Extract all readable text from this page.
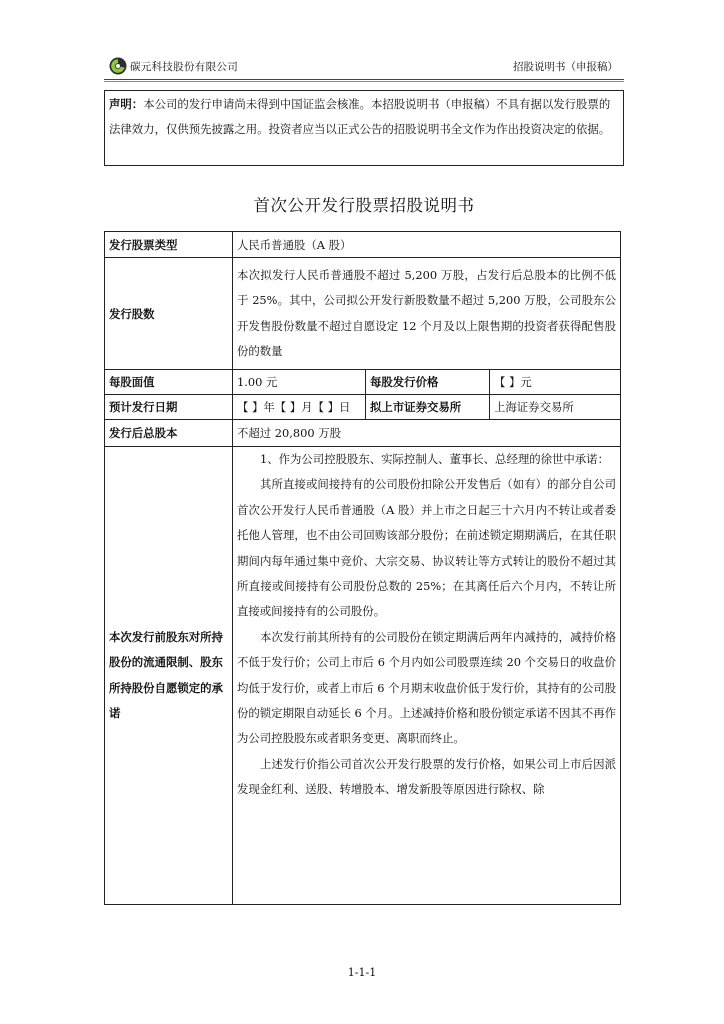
碳元科技股份有限公司	招股说明书（申报稿）
声明：本公司的发行申请尚未得到中国证监会核准。本招股说明书（申报稿）不具有据以发行股票的法律效力，仅供预先披露之用。投资者应当以正式公告的招股说明书全文作为作出投资决定的依据。
首次公开发行股票招股说明书
发行股票类型	人民币普通股（A 股）		
发行股数	本次拟发行人民币普通股不超过 5,200 万股，占发行后总股本的比例不低于 25%。其中，公司拟公开发行新股数量不超过 5,200 万股，公司股东公开发售股份数量不超过自愿设定 12 个月及以上限售期的投资者获得配售股份的数量		

每股面值	1.00 元	每股发行价格	【 】元
预计发行日期	【 】年【 】月【 】日	拟上市证券交易所	上海证券交易所
发行后总股本	不超过 20,800 万股		
本次发行前股东对所持股份的流通限制、股东所持股份自愿锁定的承诺	1、作为公司控股股东、实际控制人、董事长、总经理的徐世中承诺：

其所直接或间接持有的公司股份扣除公开发售后（如有）的部分自公司首次公开发行人民币普通股（A 股）并上市之日起三十六月内不转让或者委托他人管理，也不由公司回购该部分股份；在前述锁定期期满后，在其任职期间内每年通过集中竞价、大宗交易、协议转让等方式转让的股份不超过其所直接或间接持有公司股份总数的 25%；在其离任后六个月内，不转让所直接或间接持有的公司股份。

本次发行前其所持有的公司股份在锁定期满后两年内减持的，减持价格不低于发行价；公司上市后 6 个月内如公司股票连续 20 个交易日的收盘价均低于发行价，或者上市后 6 个月期末收盘价低于发行价，其持有的公司股份的锁定期限自动延长 6 个月。上述减持价格和股份锁定承诺不因其不再作为公司控股股东或者职务变更、离职而终止。

上述发行价指公司首次公开发行股票的发行价格，如果公司上市后因派发现金红利、送股、转增股本、增发新股等原因进行除权、除		

1-1-1
